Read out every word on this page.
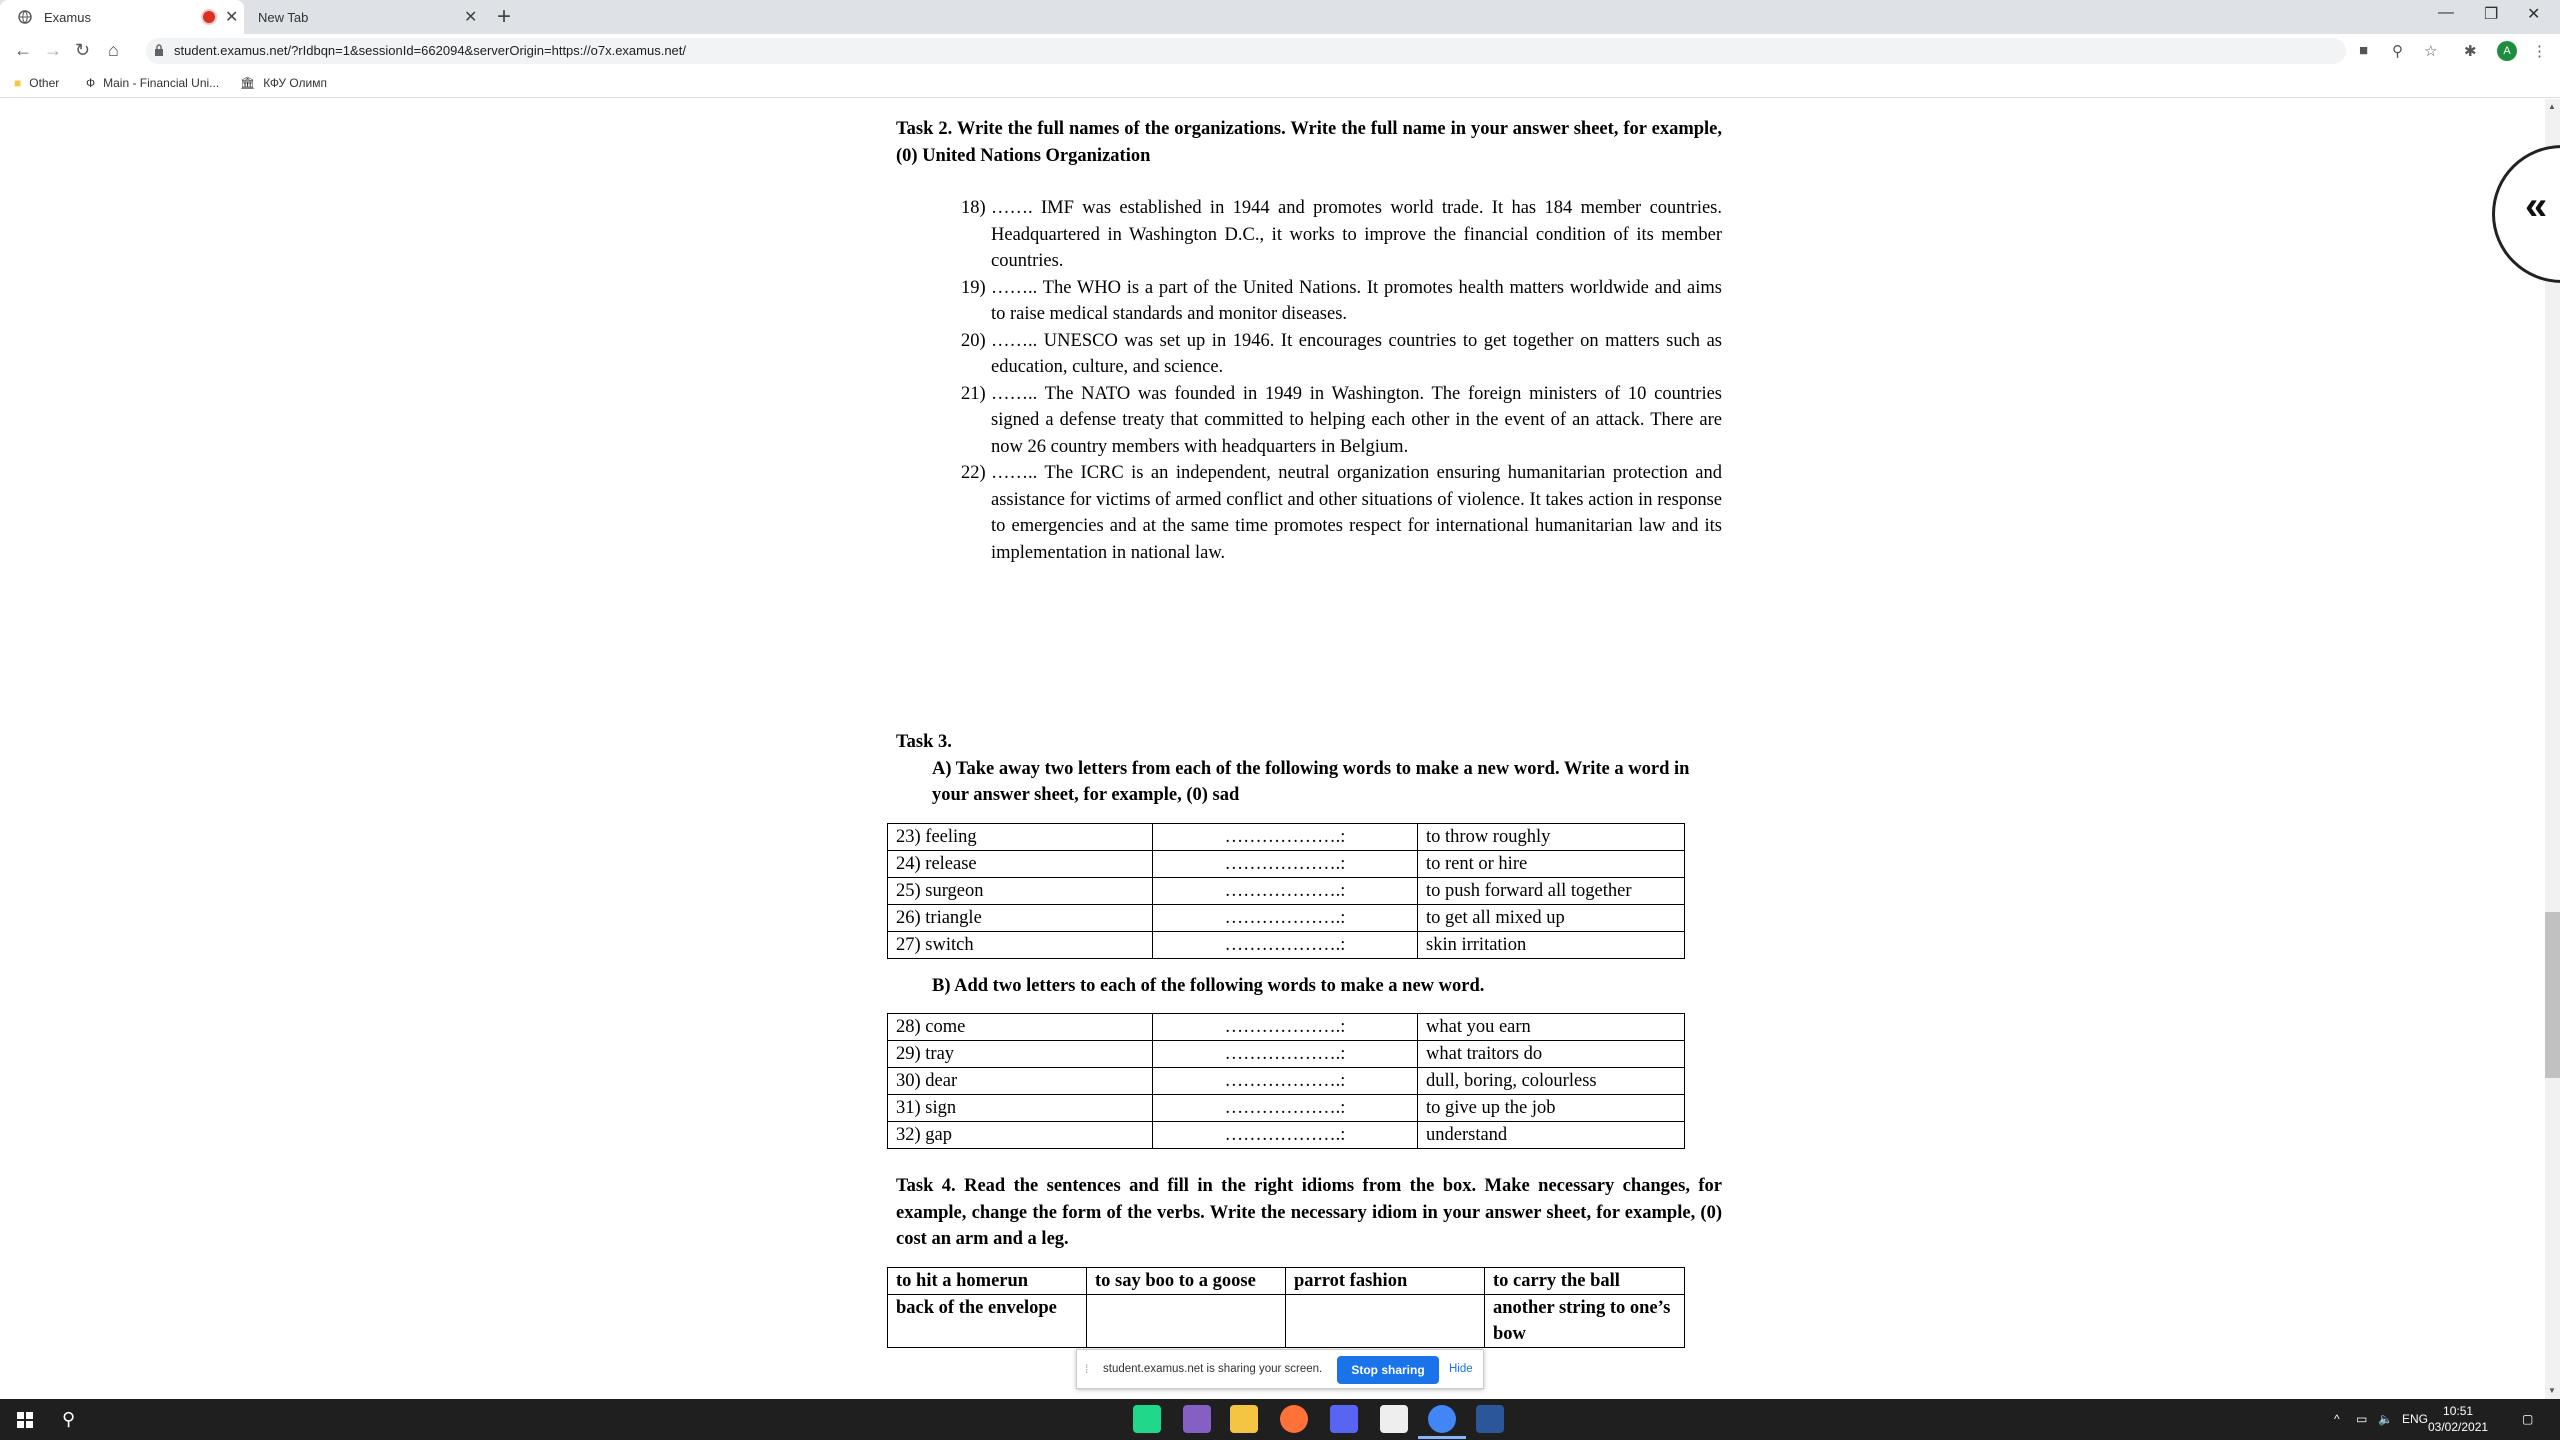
Examus	✕ New Tab	✕ +	— ❐ ✕
← → ↻ ⌂	student.examus.net/?rIdbqn=1&sessionId=662094&serverOrigin=https://o7x.examus.net/	■ ⚲ ☆ ✱	⋮
A
■ Other Ф Main - Financial Uni... 🏛 КФУ Олимп
Task 2. Write the full names of the organizations. Write the full name in your answer sheet, for example, (0) United Nations Organization
18) ……. IMF was established in 1944 and promotes world trade. It has 184 member countries. Headquartered in Washington D.C., it works to improve the financial condition of its member countries.
19) …….. The WHO is a part of the United Nations. It promotes health matters worldwide and aims to raise medical standards and monitor diseases.
20) …….. UNESCO was set up in 1946. It encourages countries to get together on matters such as education, culture, and science.
21) …….. The NATO was founded in 1949 in Washington. The foreign ministers of 10 countries signed a defense treaty that committed to helping each other in the event of an attack. There are now 26 country members with headquarters in Belgium.
22) …….. The ICRC is an independent, neutral organization ensuring humanitarian protection and assistance for victims of armed conflict and other situations of violence. It takes action in response to emergencies and at the same time promotes respect for international humanitarian law and its implementation in national law.
Task 3.
A) Take away two letters from each of the following words to make a new word. Write a word in your answer sheet, for example, (0) sad
23) feeling	……………….:	to throw roughly
24) release	……………….:	to rent or hire
25) surgeon	……………….:	to push forward all together
26) triangle	……………….:	to get all mixed up
27) switch	……………….:	skin irritation
B) Add two letters to each of the following words to make a new word.
28) come	……………….:	what you earn
29) tray	……………….:	what traitors do
30) dear	……………….:	dull, boring, colourless
31) sign	……………….:	to give up the job
32) gap	……………….:	understand
Task 4. Read the sentences and fill in the right idioms from the box. Make necessary changes, for example, change the form of the verbs. Write the necessary idiom in your answer sheet, for example, (0) cost an arm and a leg.
to hit a homerun	to say boo to a goose	parrot fashion	to carry the ball
back of the envelope			another string to one’s bow
▲
▼
«
⁞ student.examus.net is sharing your screen.	Stop sharing	Hide
⚲	^ ▭ 🔈 ENG
10:51
03/02/2021
▢
